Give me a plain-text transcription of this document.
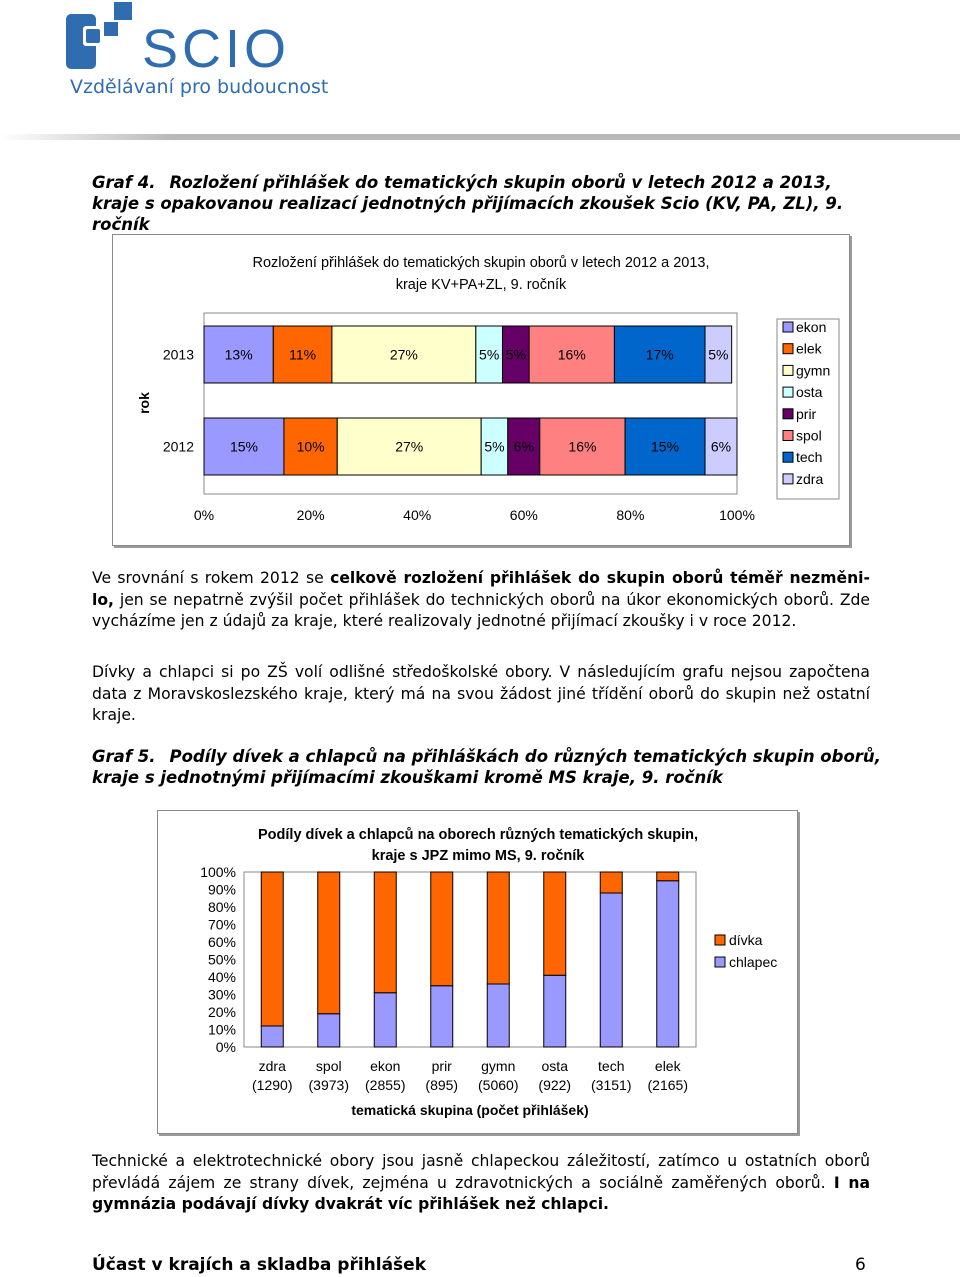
SCIO
Vzdělávaní pro budoucnost
Graf 4. Rozložení přihlášek do tematických skupin oborů v letech 2012 a 2013, kraje s opakovanou realizací jednotných přijímacích zkoušek Scio (KV, PA, ZL), 9. ročník
Rozložení přihlášek do tematických skupin oborů v letech 2012 a 2013,
kraje KV+PA+ZL, 9. ročník
2013 13%	11%	27%	5% 5% 16%	17% 5%
2012	15%	10%	27%	5% 6% 16%	15% 6%
0%	20%	40%	60%	80%	100%
rok
ekon
elek
gymn
osta
prir
spol
tech
zdra
Ve srovnání s rokem 2012 se celkově rozložení přihlášek do skupin oborů téměř nezměni-lo, jen se nepatrně zvýšil počet přihlášek do technických oborů na úkor ekonomických oborů. Zde vycházíme jen z údajů za kraje, které realizovaly jednotné přijímací zkoušky i v roce 2012.
Dívky a chlapci si po ZŠ volí odlišné středoškolské obory. V následujícím grafu nejsou započtena data z Moravskoslezského kraje, který má na svou žádost jiné třídění oborů do skupin než ostatní kraje.
Graf 5. Podíly dívek a chlapců na přihláškách do různých tematických skupin oborů, kraje s jednotnými přijímacími zkouškami kromě MS kraje, 9. ročník
Podíly dívek a chlapců na oborech různých tematických skupin,
kraje s JPZ mimo MS, 9. ročník
100%
90%
80%
70%
60%
50%
40%
30%
20%
10%
0%
zdra
(1290)
spol
(3973)
ekon
(2855)
prir
(895)
gymn
(5060)
osta
(922)
tech
(3151)
elek
(2165)
tematická skupina (počet přihlášek)
dívka
chlapec
Technické a elektrotechnické obory jsou jasně chlapeckou záležitostí, zatímco u ostatních oborů převládá zájem ze strany dívek, zejména u zdravotnických a sociálně zaměřených oborů. I na gymnázia podávají dívky dvakrát víc přihlášek než chlapci.
Účast v krajích a skladba přihlášek	6
